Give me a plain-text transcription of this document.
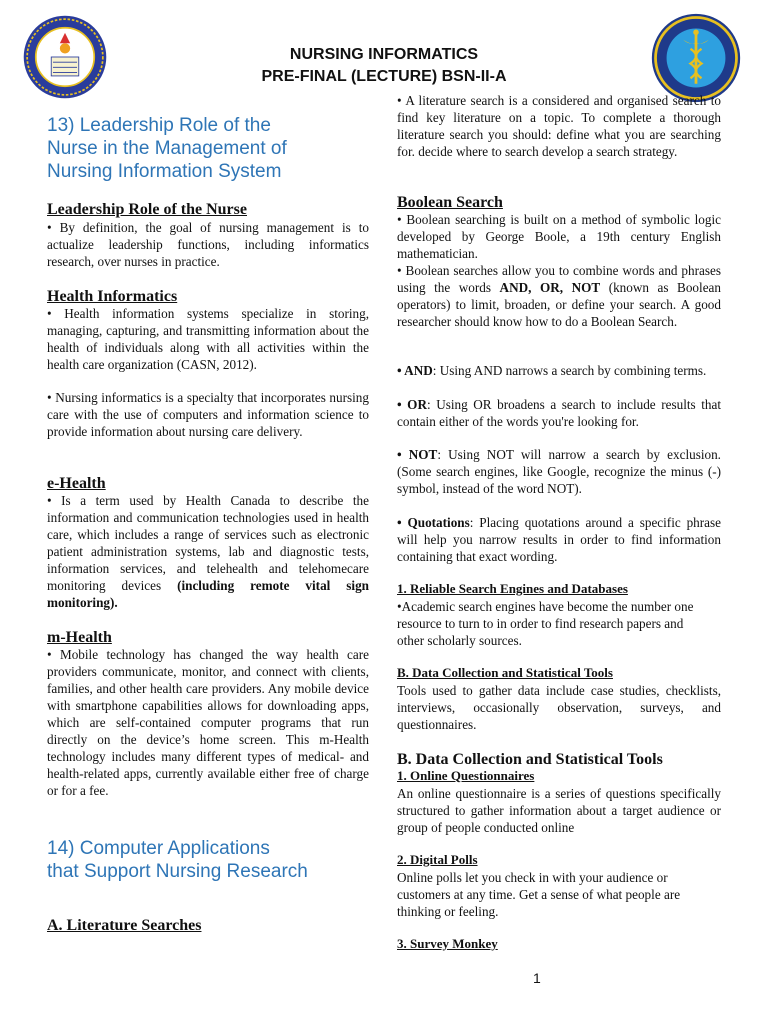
NURSING INFORMATICS
PRE-FINAL (LECTURE) BSN-II-A
13) Leadership Role of the
Nurse in the Management of
Nursing Information System
Leadership Role of the Nurse
• By definition, the goal of nursing management is to actualize leadership functions, including informatics research, over nurses in practice.
Health Informatics
• Health information systems specialize in storing, managing, capturing, and transmitting information about the health of individuals along with all activities within the health care organization (CASN, 2012).
• Nursing informatics is a specialty that incorporates nursing care with the use of computers and information science to provide information about nursing care delivery.
e-Health
• Is a term used by Health Canada to describe the information and communication technologies used in health care, which includes a range of services such as electronic patient administration systems, lab and diagnostic tests, information services, and telehealth and telehomecare monitoring devices (including remote vital sign monitoring).
m-Health
• Mobile technology has changed the way health care providers communicate, monitor, and connect with clients, families, and other health care providers. Any mobile device with smartphone capabilities allows for downloading apps, which are self-contained computer programs that run directly on the device’s home screen. This m-Health technology includes many different types of medical- and health-related apps, currently available either free of charge or for a fee.
14) Computer Applications
that Support Nursing Research
A. Literature Searches
• A literature search is a considered and organised search to find key literature on a topic. To complete a thorough literature search you should: define what you are searching for. decide where to search develop a search strategy.
Boolean Search
• Boolean searching is built on a method of symbolic logic developed by George Boole, a 19th century English mathematician.
• Boolean searches allow you to combine words and phrases using the words AND, OR, NOT (known as Boolean operators) to limit, broaden, or define your search. A good researcher should know how to do a Boolean Search.
• AND: Using AND narrows a search by combining terms.
• OR: Using OR broadens a search to include results that contain either of the words you're looking for.
• NOT: Using NOT will narrow a search by exclusion. (Some search engines, like Google, recognize the minus (-) symbol, instead of the word NOT).
• Quotations: Placing quotations around a specific phrase will help you narrow results in order to find information containing that exact wording.
1. Reliable Search Engines and Databases
•Academic search engines have become the number one resource to turn to in order to find research papers and other scholarly sources.
B. Data Collection and Statistical Tools
Tools used to gather data include case studies, checklists, interviews, occasionally observation, surveys, and questionnaires.
B. Data Collection and Statistical Tools
1. Online Questionnaires
An online questionnaire is a series of questions specifically structured to gather information about a target audience or group of people conducted online
2. Digital Polls
Online polls let you check in with your audience or customers at any time. Get a sense of what people are thinking or feeling.
3. Survey Monkey
1
